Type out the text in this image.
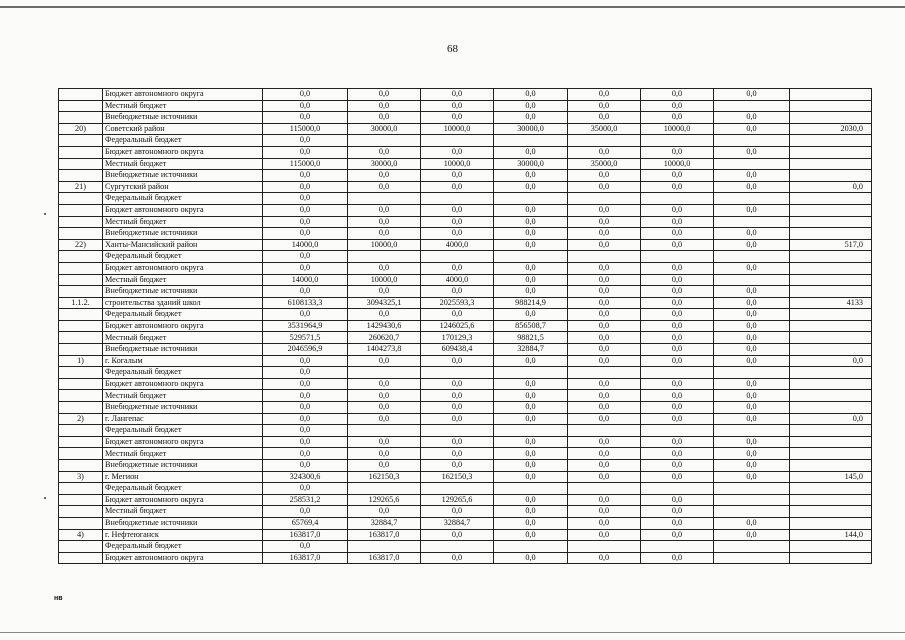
68
	Бюджет автономного округа	0,0	0,0	0,0	0,0	0,0	0,0	0,0	
	Местный бюджет	0,0	0,0	0,0	0,0	0,0	0,0		
	Внебюджетные источники	0,0	0,0	0,0	0,0	0,0	0,0	0,0	
20)	Советский район	115000,0	30000,0	10000,0	30000,0	35000,0	10000,0	0,0	2030,0
	Федеральный бюджет	0,0							
	Бюджет автономного округа	0,0	0,0	0,0	0,0	0,0	0,0	0,0	
	Местный бюджет	115000,0	30000,0	10000,0	30000,0	35000,0	10000,0		
	Внебюджетные источники	0,0	0,0	0,0	0,0	0,0	0,0	0,0	
21)	Сургутский район	0,0	0,0	0,0	0,0	0,0	0,0	0,0	0,0
	Федеральный бюджет	0,0							
	Бюджет автономного округа	0,0	0,0	0,0	0,0	0,0	0,0	0,0	
	Местный бюджет	0,0	0,0	0,0	0,0	0,0	0,0		
	Внебюджетные источники	0,0	0,0	0,0	0,0	0,0	0,0	0,0	
22)	Ханты-Мансийский район	14000,0	10000,0	4000,0	0,0	0,0	0,0	0,0	517,0
	Федеральный бюджет	0,0							
	Бюджет автономного округа	0,0	0,0	0,0	0,0	0,0	0,0	0,0	
	Местный бюджет	14000,0	10000,0	4000,0	0,0	0,0	0,0		
	Внебюджетные источники	0,0	0,0	0,0	0,0	0,0	0,0	0,0	
1.1.2.	строительства зданий школ	6108133,3	3094325,1	2025593,3	988214,9	0,0	0,0	0,0	4133
	Федеральный бюджет	0,0	0,0	0,0	0,0	0,0	0,0	0,0	
	Бюджет автономного округа	3531964,9	1429430,6	1246025,6	856508,7	0,0	0,0	0,0	
	Местный бюджет	529571,5	260620,7	170129,3	98821,5	0,0	0,0	0,0	
	Внебюджетные источники	2046596,9	1404273,8	609438,4	32884,7	0,0	0,0	0,0	
1)	г. Когалым	0,0	0,0	0,0	0,0	0,0	0,0	0,0	0,0
	Федеральный бюджет	0,0							
	Бюджет автономного округа	0,0	0,0	0,0	0,0	0,0	0,0	0,0	
	Местный бюджет	0,0	0,0	0,0	0,0	0,0	0,0	0,0	
	Внебюджетные источники	0,0	0,0	0,0	0,0	0,0	0,0	0,0	
2)	г. Лангепас	0,0	0,0	0,0	0,0	0,0	0,0	0,0	0,0
	Федеральный бюджет	0,0							
	Бюджет автономного округа	0,0	0,0	0,0	0,0	0,0	0,0	0,0	
	Местный бюджет	0,0	0,0	0,0	0,0	0,0	0,0	0,0	
	Внебюджетные источники	0,0	0,0	0,0	0,0	0,0	0,0	0,0	
3)	г. Мегион	324300,6	162150,3	162150,3	0,0	0,0	0,0	0,0	145,0
	Федеральный бюджет	0,0							
	Бюджет автономного округа	258531,2	129265,6	129265,6	0,0	0,0	0,0		
	Местный бюджет	0,0	0,0	0,0	0,0	0,0	0,0		
	Внебюджетные источники	65769,4	32884,7	32884,7	0,0	0,0	0,0	0,0	
4)	г. Нефтеюганск	163817,0	163817,0	0,0	0,0	0,0	0,0	0,0	144,0
	Федеральный бюджет	0,0							
	Бюджет автономного округа	163817,0	163817,0	0,0	0,0	0,0	0,0		
нв
